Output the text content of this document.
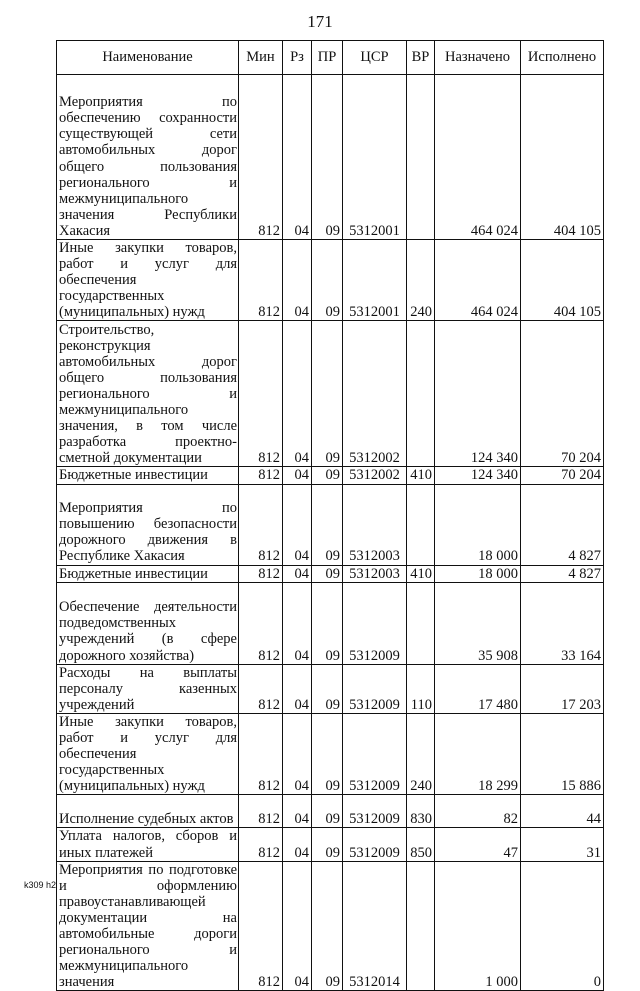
171
Наименование	Мин	Рз	ПР	ЦСР	ВР	Назначено	Исполнено
Мероприятия по обеспечению сохранности существующей сети автомобильных дорог общего пользования регионального и межмуниципального значения Республики Хакасия	812	04	09	5312001		464 024	404 105
Иные закупки товаров, работ и услуг для обеспечения государственных (муниципальных) нужд	812	04	09	5312001	240	464 024	404 105
Строительство, реконструкция автомобильных дорог общего пользования регионального и межмуниципального значения, в том числе разработка проектно-сметной документации	812	04	09	5312002		124 340	70 204
Бюджетные инвестиции	812	04	09	5312002	410	124 340	70 204
Мероприятия по повышению безопасности дорожного движения в Республике Хакасия	812	04	09	5312003		18 000	4 827
Бюджетные инвестиции	812	04	09	5312003	410	18 000	4 827
Обеспечение деятельности подведомственных учреждений (в сфере дорожного хозяйства)	812	04	09	5312009		35 908	33 164
Расходы на выплаты персоналу казенных учреждений	812	04	09	5312009	110	17 480	17 203
Иные закупки товаров, работ и услуг для обеспечения государственных (муниципальных) нужд	812	04	09	5312009	240	18 299	15 886
Исполнение судебных актов	812	04	09	5312009	830	82	44
Уплата налогов, сборов и иных платежей	812	04	09	5312009	850	47	31
Мероприятия по подготовке и оформлению правоустанавливающей документации на автомобильные дороги регионального и межмуниципального значения	812	04	09	5312014		1 000	0
k309 h2
